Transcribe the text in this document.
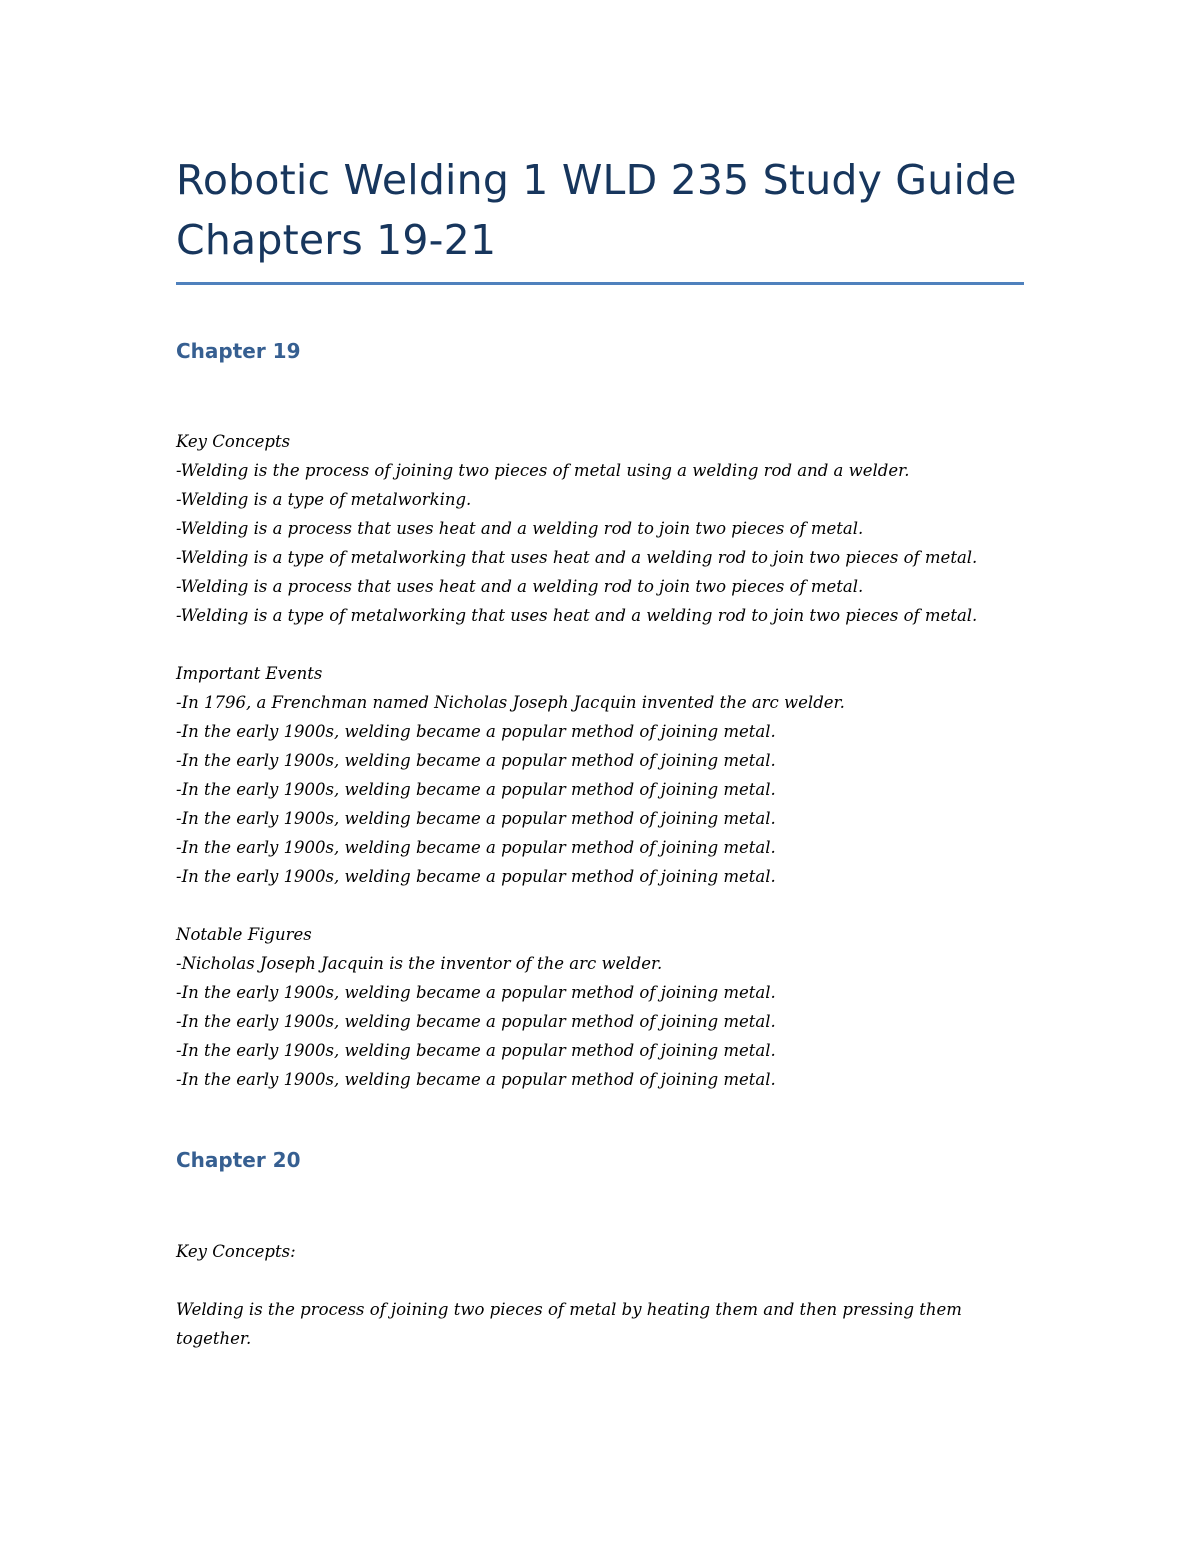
Robotic Welding 1 WLD 235 Study Guide Chapters 19-21
Chapter 19
Key Concepts
-Welding is the process of joining two pieces of metal using a welding rod and a welder.
-Welding is a type of metalworking.
-Welding is a process that uses heat and a welding rod to join two pieces of metal.
-Welding is a type of metalworking that uses heat and a welding rod to join two pieces of metal.
-Welding is a process that uses heat and a welding rod to join two pieces of metal.
-Welding is a type of metalworking that uses heat and a welding rod to join two pieces of metal.
Important Events
-In 1796, a Frenchman named Nicholas Joseph Jacquin invented the arc welder.
-In the early 1900s, welding became a popular method of joining metal.
-In the early 1900s, welding became a popular method of joining metal.
-In the early 1900s, welding became a popular method of joining metal.
-In the early 1900s, welding became a popular method of joining metal.
-In the early 1900s, welding became a popular method of joining metal.
-In the early 1900s, welding became a popular method of joining metal.
Notable Figures
-Nicholas Joseph Jacquin is the inventor of the arc welder.
-In the early 1900s, welding became a popular method of joining metal.
-In the early 1900s, welding became a popular method of joining metal.
-In the early 1900s, welding became a popular method of joining metal.
-In the early 1900s, welding became a popular method of joining metal.
Chapter 20
Key Concepts:
Welding is the process of joining two pieces of metal by heating them and then pressing them together.
